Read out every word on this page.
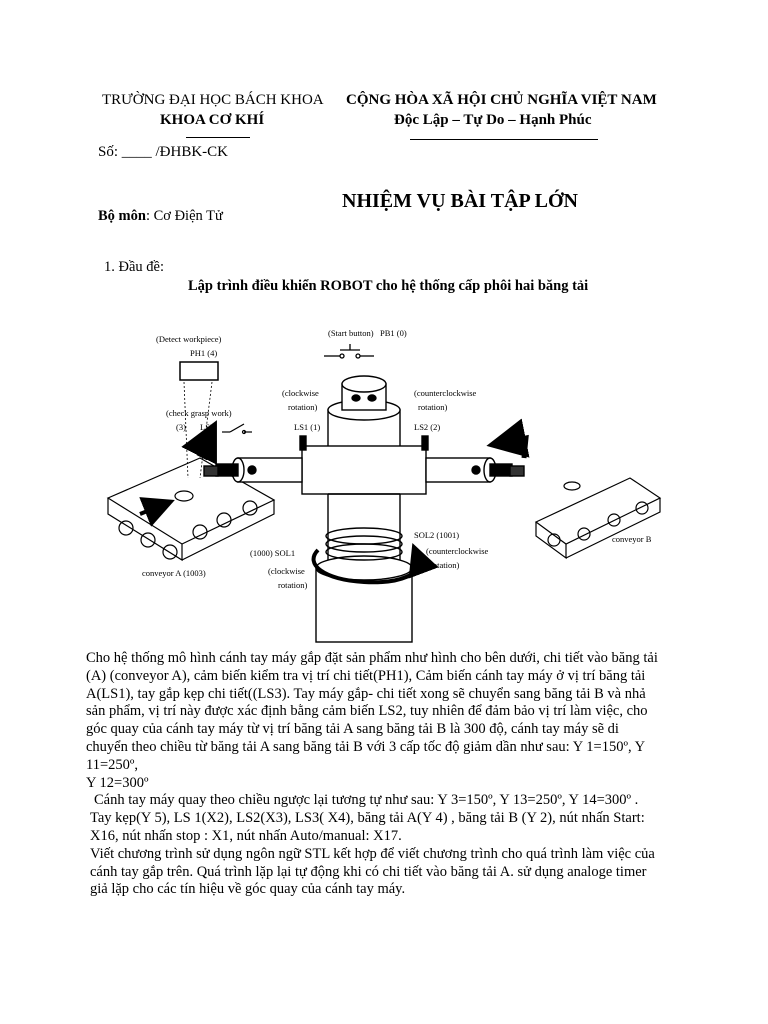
TRƯỜNG ĐẠI HỌC BÁCH KHOA
KHOA CƠ KHÍ
CỘNG HÒA XÃ HỘI CHỦ NGHĨA VIỆT NAM
Độc Lập – Tự Do – Hạnh Phúc
Số: ____ /ĐHBK-CK
NHIỆM VỤ BÀI TẬP LỚN
Bộ môn: Cơ Điện Tử
1. Đầu đề:
Lập trình điều khiển ROBOT cho hệ thống cấp phôi hai băng tải
(Detect workpiece)
PH1 (4)
(Start button) PB1 (0)
(clockwise
rotation)
(counterclockwise
rotation)
(check grasp work)
(3) LS3	LS1 (1)	LS2 (2)
(1000) SOL1
SOL2 (1001)
(counterclockwise
rotation)
(clockwise
rotation)
conveyor A (1003)
conveyor B

Cho hệ thống mô hình cánh tay máy gắp đặt sản phẩm như hình cho bên dưới, chi tiết vào băng tải

(A) (conveyor A), cảm biến kiểm tra vị trí chi tiết(PH1), Cảm biến cánh tay máy ở vị trí băng tải

A(LS1), tay gắp kẹp chi tiết((LS3). Tay máy gắp- chi tiết xong sẽ chuyển sang băng tải B và nhả

sản phẩm, vị trí này được xác định bằng cảm biến LS2, tuy nhiên để đảm bảo vị trí làm việc, cho

góc quay của cánh tay máy từ vị trí băng tải A sang băng tải B là 300 độ, cánh tay máy sẽ di

chuyển theo chiều từ băng tải A sang băng tải B với 3 cấp tốc độ giảm dần như sau: Y 1=150º, Y

11=250º,

Y 12=300º

Cánh tay máy quay theo chiều ngược lại tương tự như sau: Y 3=150º, Y 13=250º, Y 14=300º .

Tay kẹp(Y 5), LS 1(X2), LS2(X3), LS3( X4), băng tải A(Y 4) , băng tải B (Y 2), nút nhấn Start:

X16, nút nhấn stop : X1, nút nhấn Auto/manual: X17.

Viết chương trình sử dụng ngôn ngữ STL kết hợp để viết chương trình cho quá trình làm việc của

cánh tay gắp trên. Quá trình lặp lại tự động khi có chi tiết vào băng tải A. sử dụng analoge timer

giả lặp cho các tín hiệu về góc quay của cánh tay máy.
